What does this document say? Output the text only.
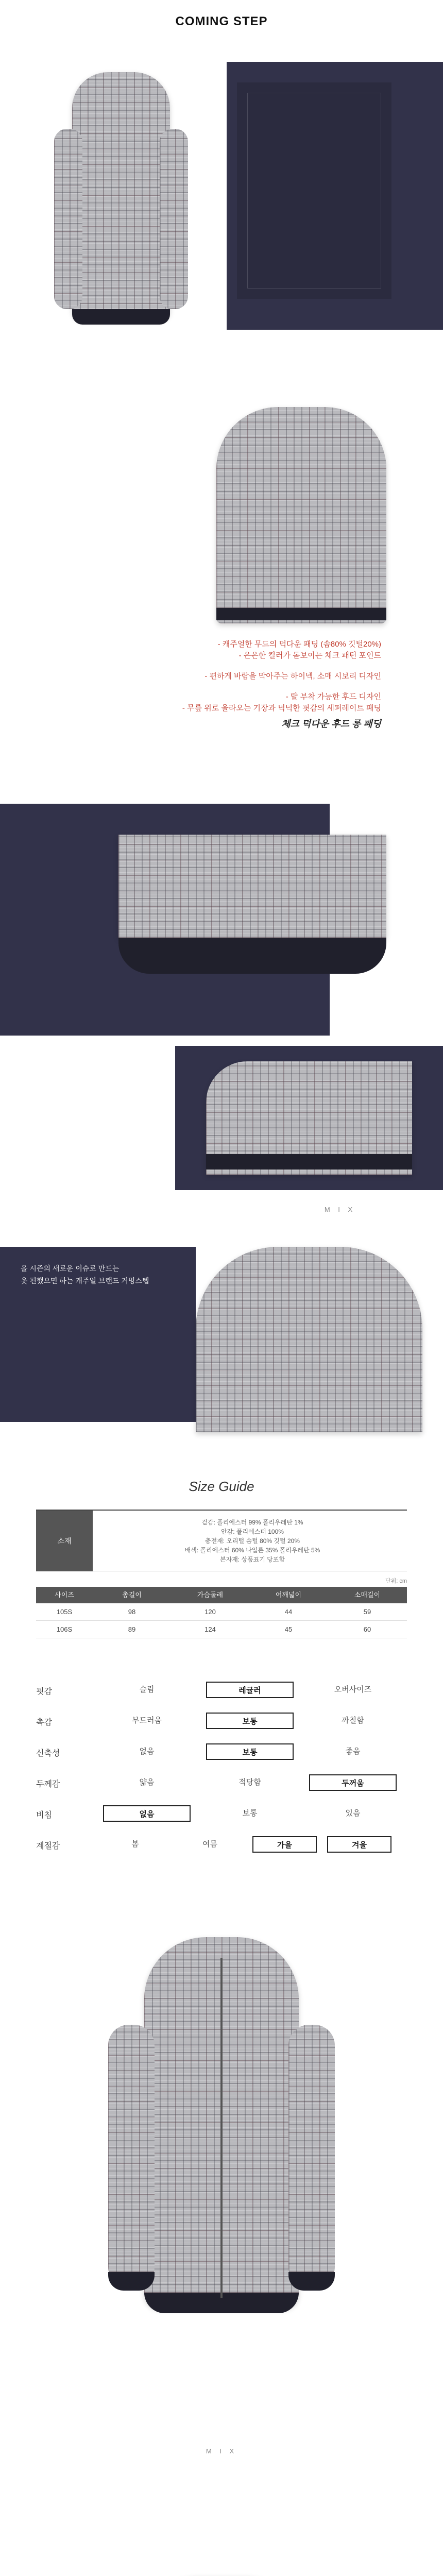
COMING STEP
- 캐주얼한 무드의 덕다운 패딩 (솜80% 깃털20%)
- 은은한 컬러가 돋보이는 체크 패턴 포인트
- 편하게 바람을 막아주는 하이넥, 소매 시보리 디자인
- 탈 부착 가능한 후드 디자인
- 무릎 위로 올라오는 기장과 넉넉한 핏감의 세퍼레이트 패딩
체크 덕다운 후드 롱 패딩
M I X
올 시즌의 새로운 이슈로 만드는
옷 편했으면 하는 캐주얼 브랜드 커밍스텝
Size Guide
소재
겉감: 폴리에스터 99% 폴리우레탄 1%
안감: 폴리에스터 100%
충전재: 오리털 솜털 80% 깃털 20%
배색: 폴리에스터 60% 나일론 35% 폴리우레탄 5%
본자재: 상품표기 당포함
단위: cm
사이즈	총길이	가슴둘레	어깨넓이	소매길이
105S	98	120	44	59
106S	89	124	45	60
핏감	슬림	레귤러	오버사이즈
촉감	부드러움	보통	까칠함
신축성	없음	보통	좋음
두께감	얇음	적당함	두꺼움
비침	없음	보통	있음
계절감	봄	여름	가을	겨울
M I X
